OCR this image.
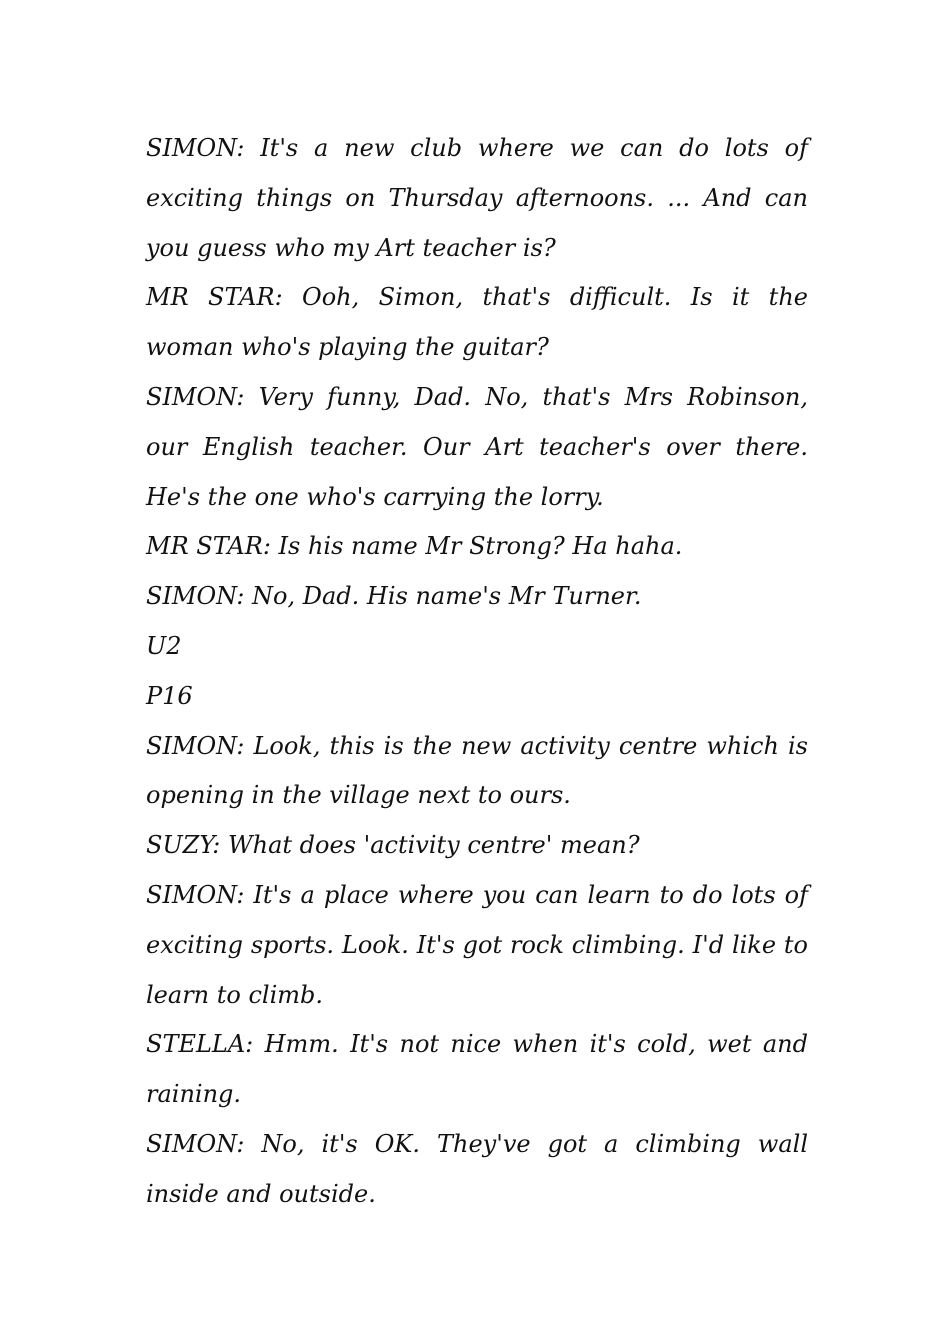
SIMON: It's a new club where we can do lots of exciting things on Thursday afternoons. ... And can you guess who my Art teacher is?

MR STAR: Ooh, Simon, that's difficult. Is it the woman who's playing the guitar?

SIMON: Very funny, Dad. No, that's Mrs Robinson, our English teacher. Our Art teacher's over there. He's the one who's carrying the lorry.

MR STAR: Is his name Mr Strong? Ha haha.

SIMON: No, Dad. His name's Mr Turner.

U2

P16

SIMON: Look, this is the new activity centre which is opening in the village next to ours.

SUZY: What does 'activity centre' mean?

SIMON: It's a place where you can learn to do lots of exciting sports. Look. It's got rock climbing. I'd like to learn to climb.

STELLA: Hmm. It's not nice when it's cold, wet and raining.

SIMON: No, it's OK. They've got a climbing wall inside and outside.
